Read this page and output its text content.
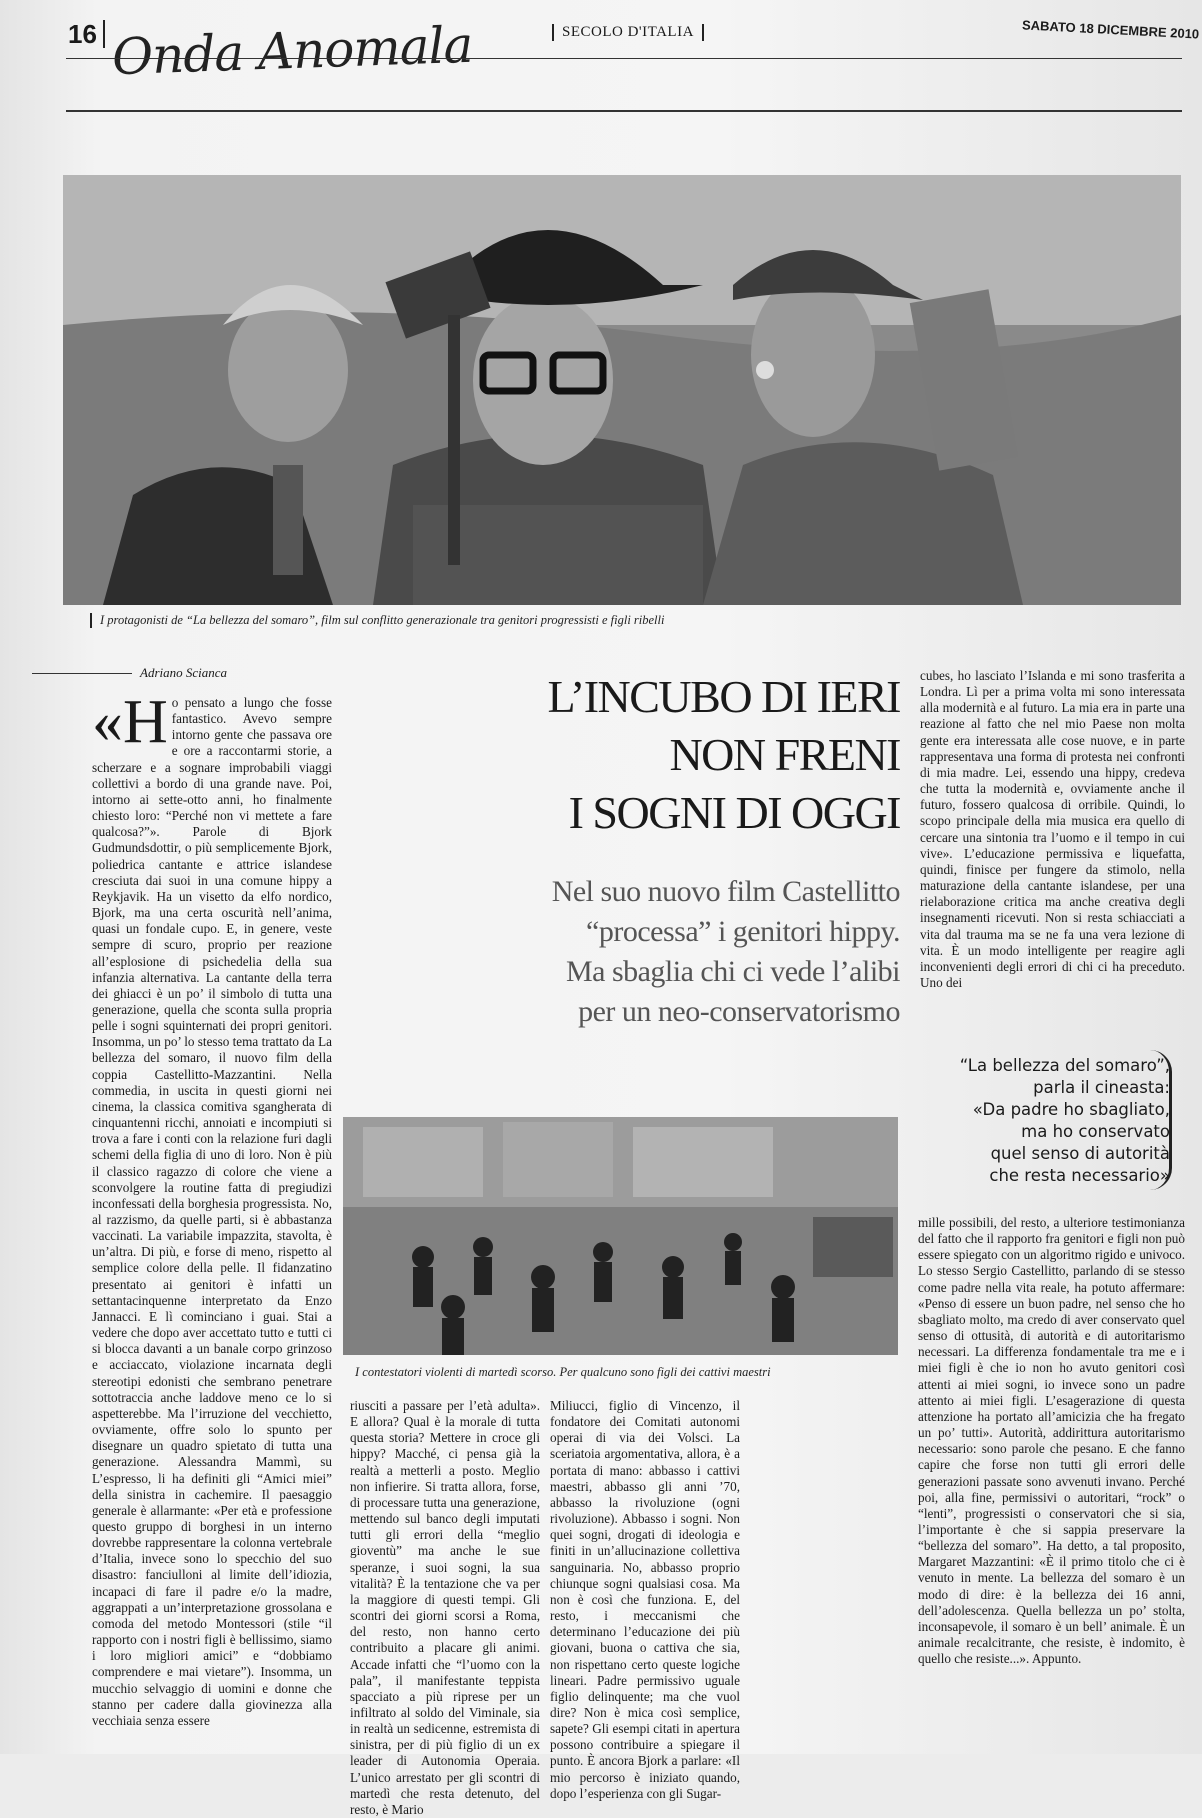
16 Onda Anomala	SECOLO D'ITALIA	SABATO 18 DICEMBRE 2010
I protagonisti de “La bellezza del somaro”, film sul conflitto generazionale tra genitori progressisti e figli ribelli
Adriano Scianca	L’INCUBO DI IERI
NON FRENI
I SOGNI DI OGGI
Nel suo nuovo film Castellitto
“processa” i genitori hippy.
Ma sbaglia chi ci vede l’alibi
per un neo-conservatorismo
«Ho pensato a lungo che fosse fantastico. Avevo sempre intorno gente che passava ore e ore a raccontarmi storie, a scherzare e a sognare improbabili viaggi collettivi a bordo di una grande nave. Poi, intorno ai sette-otto anni, ho finalmente chiesto loro: “Perché non vi mettete a fare qualcosa?”». Parole di Bjork Gudmundsdottir, o più semplicemente Bjork, poliedrica cantante e attrice islandese cresciuta dai suoi in una comune hippy a Reykjavik. Ha un visetto da elfo nordico, Bjork, ma una certa oscurità nell’anima, quasi un fondale cupo. E, in genere, veste sempre di scuro, proprio per reazione all’esplosione di psichedelia della sua infanzia alternativa. La cantante della terra dei ghiacci è un po’ il simbolo di tutta una generazione, quella che sconta sulla propria pelle i sogni squinternati dei propri genitori. Insomma, un po’ lo stesso tema trattato da La bellezza del somaro, il nuovo film della coppia Castellitto-Mazzantini. Nella commedia, in uscita in questi giorni nei cinema, la classica comitiva sgangherata di cinquantenni ricchi, annoiati e incompiuti si trova a fare i conti con la relazione furi dagli schemi della figlia di uno di loro. Non è più il classico ragazzo di colore che viene a sconvolgere la routine fatta di pregiudizi inconfessati della borghesia progressista. No, al razzismo, da quelle parti, si è abbastanza vaccinati. La variabile impazzita, stavolta, è un’altra. Di più, e forse di meno, rispetto al semplice colore della pelle. Il fidanzatino presentato ai genitori è infatti un settantacinquenne interpretato da Enzo Jannacci. E lì cominciano i guai. Stai a vedere che dopo aver accettato tutto e tutti ci si blocca davanti a un banale corpo grinzoso e acciaccato, violazione incarnata degli stereotipi edonisti che sembrano penetrare sottotraccia anche laddove meno ce lo si aspetterebbe. Ma l’irruzione del vecchietto, ovviamente, offre solo lo spunto per disegnare un quadro spietato di tutta una generazione. Alessandra Mammì, su L’espresso, li ha definiti gli “Amici miei” della sinistra in cachemire. Il paesaggio generale è allarmante: «Per età e professione questo gruppo di borghesi in un interno dovrebbe rappresentare la colonna vertebrale d’Italia, invece sono lo specchio del suo disastro: fanciulloni al limite dell’idiozia, incapaci di fare il padre e/o la madre, aggrappati a un’interpretazione grossolana e comoda del metodo Montessori (stile “il rapporto con i nostri figli è bellissimo, siamo i loro migliori amici” e “dobbiamo comprendere e mai vietare”). Insomma, un mucchio selvaggio di uomini e donne che stanno per cadere dalla giovinezza alla vecchiaia senza essere
cubes, ho lasciato l’Islanda e mi sono trasferita a Londra. Lì per a prima volta mi sono interessata alla modernità e al futuro. La mia era in parte una reazione al fatto che nel mio Paese non molta gente era interessata alle cose nuove, e in parte rappresentava una forma di protesta nei confronti di mia madre. Lei, essendo una hippy, credeva che tutta la modernità e, ovviamente anche il futuro, fossero qualcosa di orribile. Quindi, lo scopo principale della mia musica era quello di cercare una sintonia tra l’uomo e il tempo in cui vive». L’educazione permissiva e liquefatta, quindi, finisce per fungere da stimolo, nella maturazione della cantante islandese, per una rielaborazione critica ma anche creativa degli insegnamenti ricevuti. Non si resta schiacciati a vita dal trauma ma se ne fa una vera lezione di vita. È un modo intelligente per reagire agli inconvenienti degli errori di chi ci ha preceduto. Uno dei
I contestatori violenti di martedì scorso. Per qualcuno sono figli dei cattivi maestri
“La bellezza del somaro”,
parla il cineasta:
«Da padre ho sbagliato,
ma ho conservato
quel senso di autorità
che resta necessario»
mille possibili, del resto, a ulteriore testimonianza del fatto che il rapporto fra genitori e figli non può essere spiegato con un algoritmo rigido e univoco. Lo stesso Sergio Castellitto, parlando di se stesso come padre nella vita reale, ha potuto affermare: «Penso di essere un buon padre, nel senso che ho sbagliato molto, ma credo di aver conservato quel senso di ottusità, di autorità e di autoritarismo necessari. La differenza fondamentale tra me e i miei figli è che io non ho avuto genitori così attenti ai miei sogni, io invece sono un padre attento ai miei figli. L’esagerazione di questa attenzione ha portato all’amicizia che ha fregato un po’ tutti». Autorità, addirittura autoritarismo necessario: sono parole che pesano. E che fanno capire che forse non tutti gli errori delle generazioni passate sono avvenuti invano. Perché poi, alla fine, permissivi o autoritari, “rock” o “lenti”, progressisti o conservatori che si sia, l’importante è che si sappia preservare la “bellezza del somaro”. Ha detto, a tal proposito, Margaret Mazzantini: «È il primo titolo che ci è venuto in mente. La bellezza del somaro è un modo di dire: è la bellezza dei 16 anni, dell’adolescenza. Quella bellezza un po’ stolta, inconsapevole, il somaro è un bell’ animale. È un animale recalcitrante, che resiste, è indomito, è quello che resiste...». Appunto.
riusciti a passare per l’età adulta». E allora? Qual è la morale di tutta questa storia? Mettere in croce gli hippy? Macché, ci pensa già la realtà a metterli a posto. Meglio non infierire. Si tratta allora, forse, di processare tutta una generazione, mettendo sul banco degli imputati tutti gli errori della “meglio gioventù” ma anche le sue speranze, i suoi sogni, la sua vitalità? È la tentazione che va per la maggiore di questi tempi. Gli scontri dei giorni scorsi a Roma, del resto, non hanno certo contribuito a placare gli animi. Accade infatti che “l’uomo con la pala”, il manifestante teppista spacciato a più riprese per un infiltrato al soldo del Viminale, sia in realtà un sedicenne, estremista di sinistra, per di più figlio di un ex leader di Autonomia Operaia. L’unico arrestato per gli scontri di martedì che resta detenuto, del resto, è Mario
Miliucci, figlio di Vincenzo, il fondatore dei Comitati autonomi operai di via dei Volsci. La sceriatoia argomentativa, allora, è a portata di mano: abbasso i cattivi maestri, abbasso gli anni ’70, abbasso la rivoluzione (ogni rivoluzione). Abbasso i sogni. Non quei sogni, drogati di ideologia e finiti in un’allucinazione collettiva sanguinaria. No, abbasso proprio chiunque sogni qualsiasi cosa. Ma non è così che funziona. E, del resto, i meccanismi che determinano l’educazione dei più giovani, buona o cattiva che sia, non rispettano certo queste logiche lineari. Padre permissivo uguale figlio delinquente; ma che vuol dire? Non è mica così semplice, sapete? Gli esempi citati in apertura possono contribuire a spiegare il punto. È ancora Bjork a parlare: «Il mio percorso è iniziato quando, dopo l’esperienza con gli Sugar-
